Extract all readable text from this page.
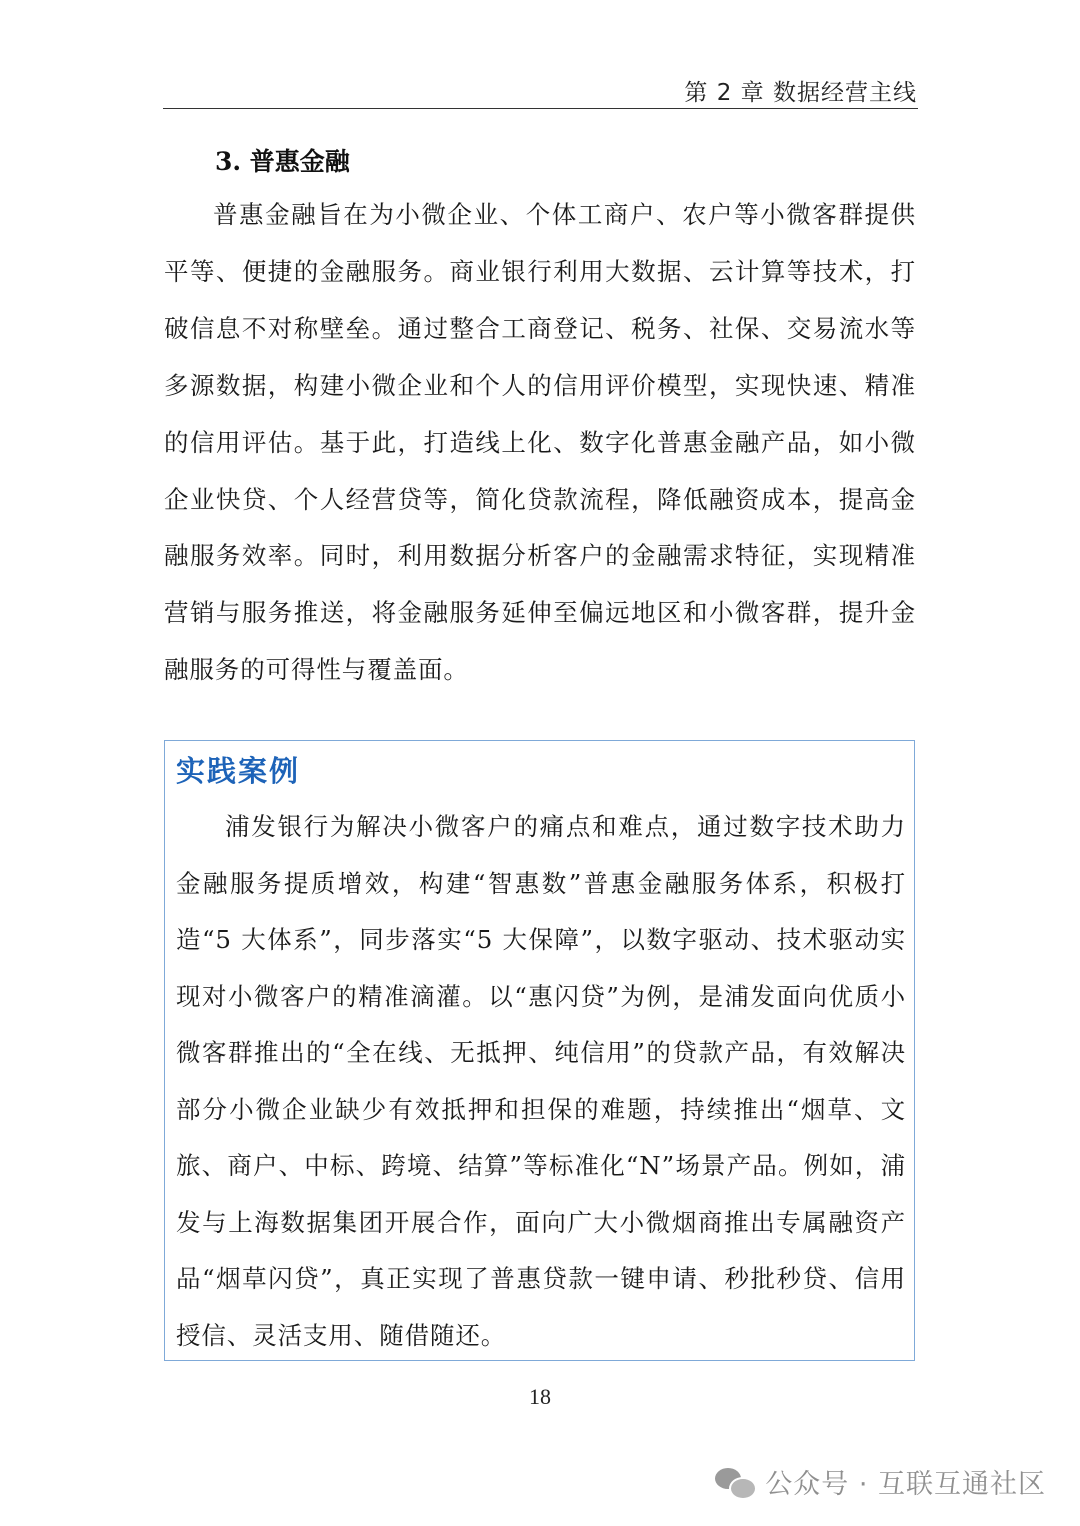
第 2 章 数据经营主线
3. 普惠金融

普惠金融旨在为小微企业、个体工商户、农户等小微客群提供平等、便捷的金融服务。商业银行利用大数据、云计算等技术，打破信息不对称壁垒。通过整合工商登记、税务、社保、交易流水等多源数据，构建小微企业和个人的信用评价模型，实现快速、精准的信用评估。基于此，打造线上化、数字化普惠金融产品，如小微企业快贷、个人经营贷等，简化贷款流程，降低融资成本，提高金融服务效率。同时，利用数据分析客户的金融需求特征，实现精准营销与服务推送，将金融服务延伸至偏远地区和小微客群，提升金融服务的可得性与覆盖面。

实践案例

浦发银行为解决小微客户的痛点和难点，通过数字技术助力金融服务提质增效，构建“智惠数”普惠金融服务体系，积极打造“5 大体系”，同步落实“5 大保障”，以数字驱动、技术驱动实现对小微客户的精准滴灌。以“惠闪贷”为例，是浦发面向优质小微客群推出的“全在线、无抵押、纯信用”的贷款产品，有效解决部分小微企业缺少有效抵押和担保的难题，持续推出“烟草、文旅、商户、中标、跨境、结算”等标准化“N”场景产品。例如，浦发与上海数据集团开展合作，面向广大小微烟商推出专属融资产品“烟草闪贷”，真正实现了普惠贷款一键申请、秒批秒贷、信用授信、灵活支用、随借随还。

18
公众号 · 互联互通社区
